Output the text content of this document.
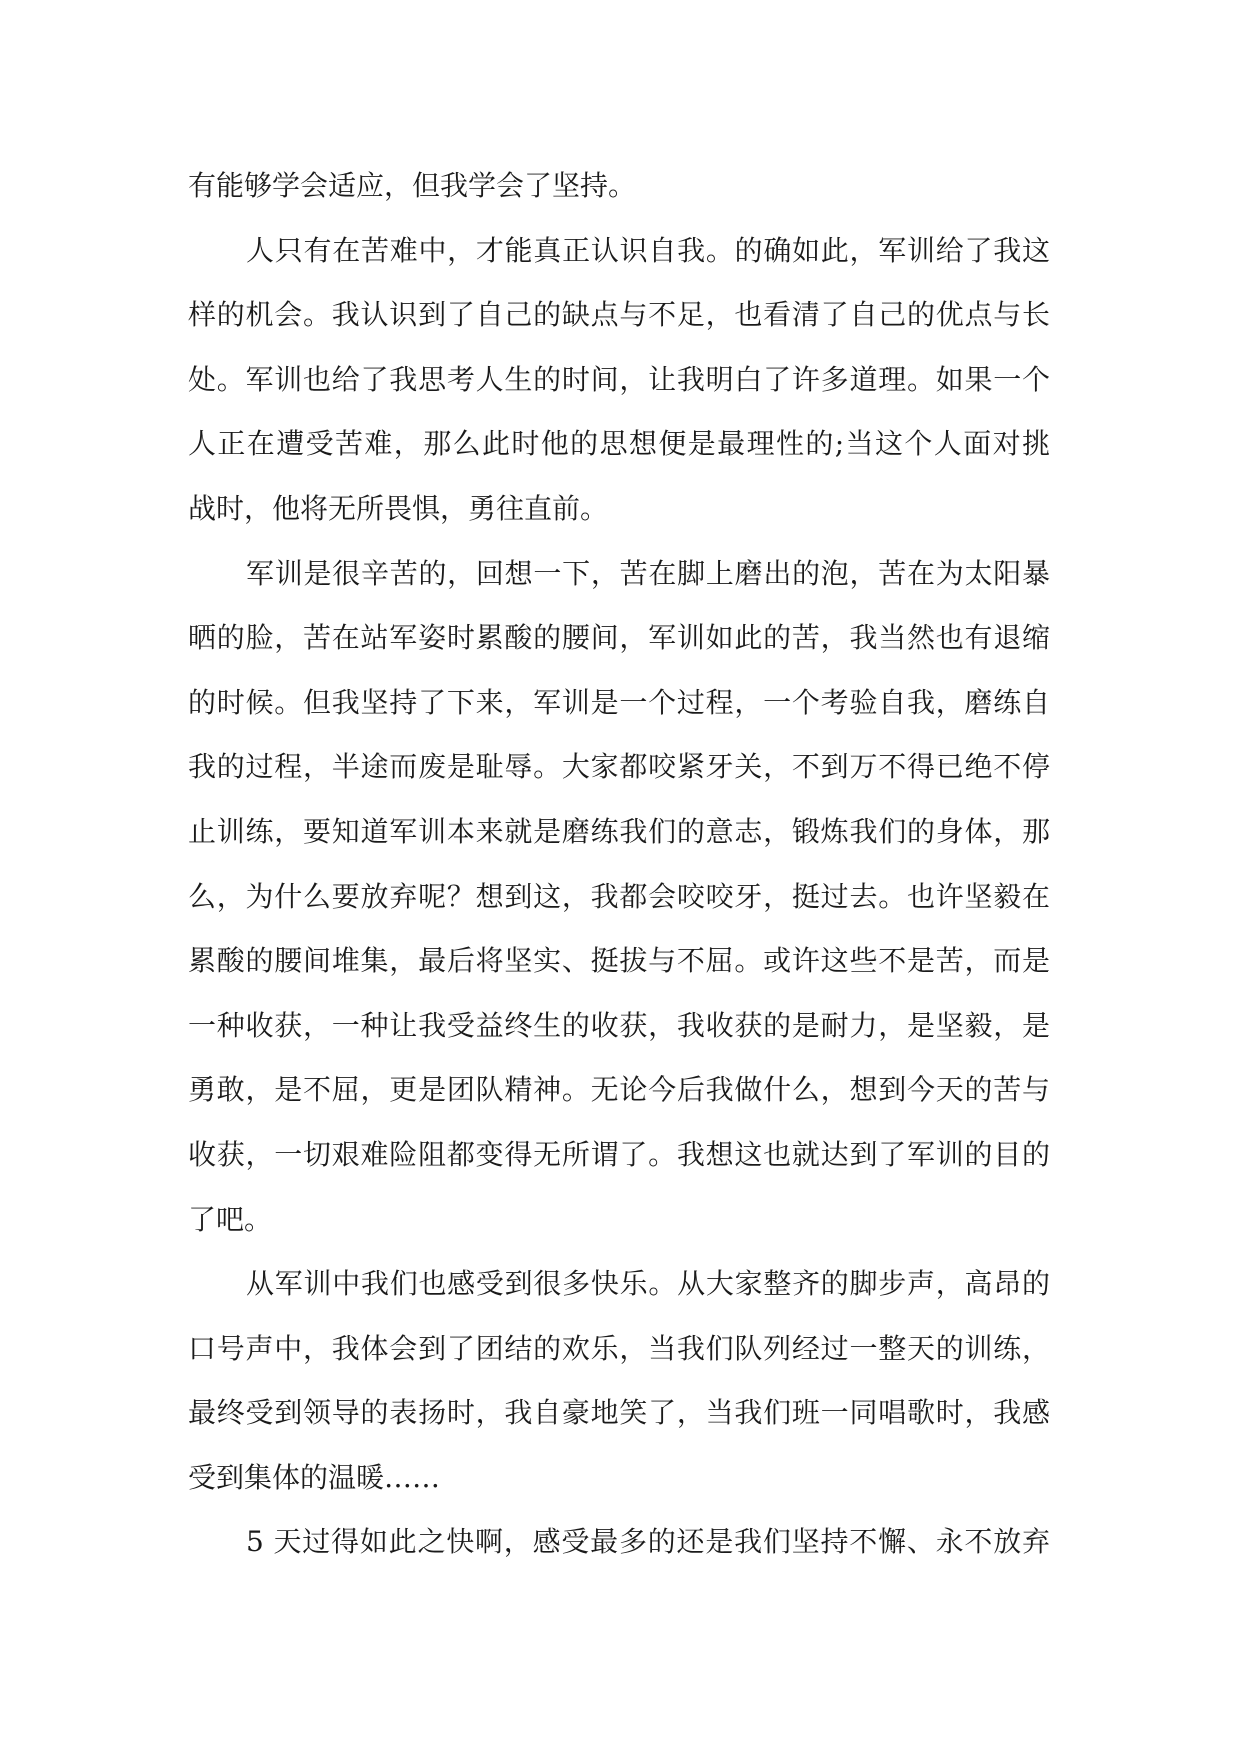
有能够学会适应，但我学会了坚持。
人只有在苦难中，才能真正认识自我。的确如此，军训给了我这
样的机会。我认识到了自己的缺点与不足，也看清了自己的优点与长
处。军训也给了我思考人生的时间，让我明白了许多道理。如果一个
人正在遭受苦难，那么此时他的思想便是最理性的;当这个人面对挑
战时，他将无所畏惧，勇往直前。
军训是很辛苦的，回想一下，苦在脚上磨出的泡，苦在为太阳暴
晒的脸，苦在站军姿时累酸的腰间，军训如此的苦，我当然也有退缩
的时候。但我坚持了下来，军训是一个过程，一个考验自我，磨练自
我的过程，半途而废是耻辱。大家都咬紧牙关，不到万不得已绝不停
止训练，要知道军训本来就是磨练我们的意志，锻炼我们的身体，那
么，为什么要放弃呢？想到这，我都会咬咬牙，挺过去。也许坚毅在
累酸的腰间堆集，最后将坚实、挺拔与不屈。或许这些不是苦，而是
一种收获，一种让我受益终生的收获，我收获的是耐力，是坚毅，是
勇敢，是不屈，更是团队精神。无论今后我做什么，想到今天的苦与
收获，一切艰难险阻都变得无所谓了。我想这也就达到了军训的目的
了吧。
从军训中我们也感受到很多快乐。从大家整齐的脚步声，高昂的
口号声中，我体会到了团结的欢乐，当我们队列经过一整天的训练，
最终受到领导的表扬时，我自豪地笑了，当我们班一同唱歌时，我感
受到集体的温暖……
5 天过得如此之快啊，感受最多的还是我们坚持不懈、永不放弃
